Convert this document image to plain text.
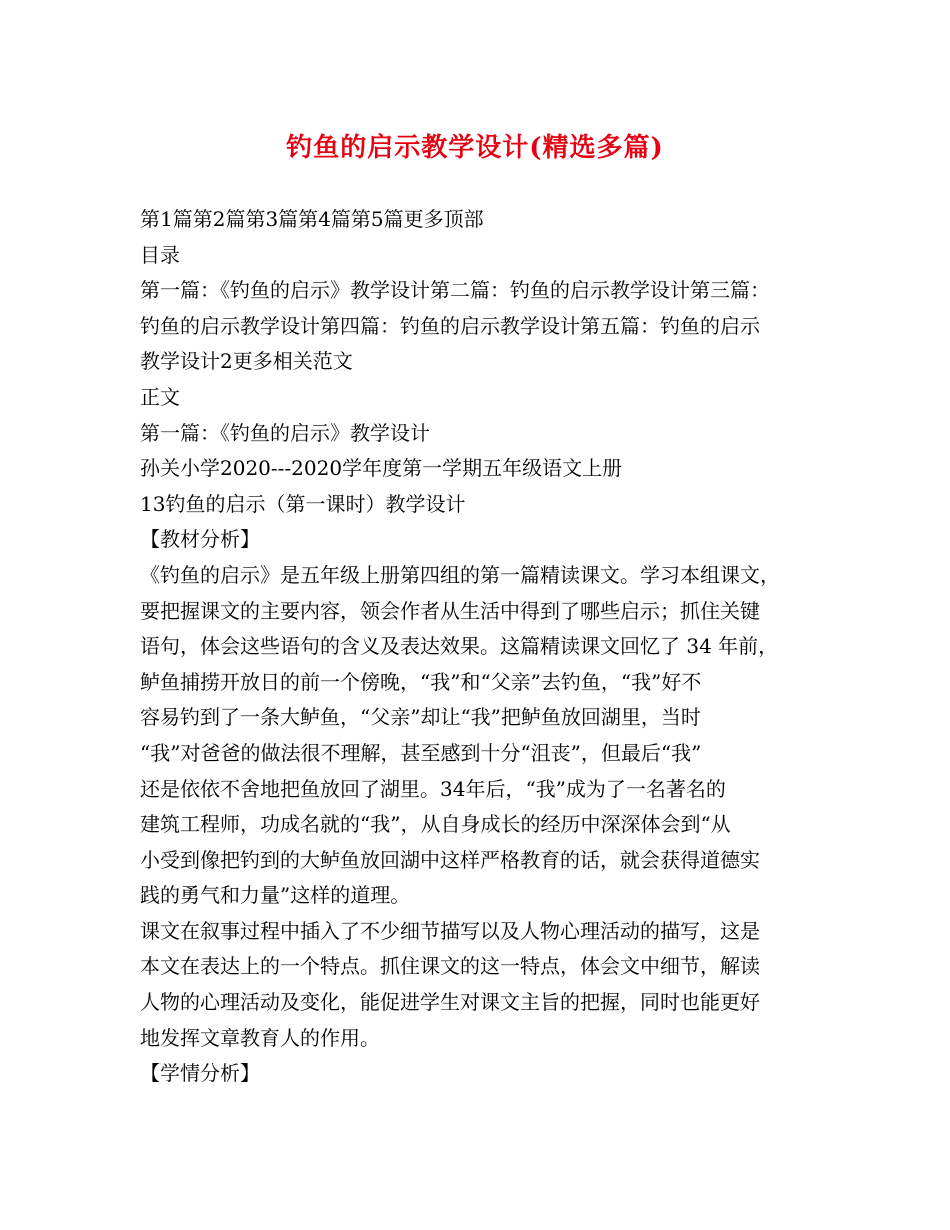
钓鱼的启示教学设计(精选多篇)
第1篇第2篇第3篇第4篇第5篇更多顶部
目录
第一篇：《钓鱼的启示》教学设计第二篇：钓鱼的启示教学设计第三篇：
钓鱼的启示教学设计第四篇：钓鱼的启示教学设计第五篇：钓鱼的启示
教学设计2更多相关范文
正文
第一篇：《钓鱼的启示》教学设计
孙关小学2020---2020学年度第一学期五年级语文上册
13钓鱼的启示（第一课时）教学设计
【教材分析】
《钓鱼的启示》是五年级上册第四组的第一篇精读课文。学习本组课文，
要把握课文的主要内容，领会作者从生活中得到了哪些启示；抓住关键
语句，体会这些语句的含义及表达效果。这篇精读课文回忆了 34 年前，
鲈鱼捕捞开放日的前一个傍晚，“我”和“父亲”去钓鱼，“我”好不
容易钓到了一条大鲈鱼，“父亲”却让“我”把鲈鱼放回湖里，当时
“我”对爸爸的做法很不理解，甚至感到十分“沮丧”，但最后“我”
还是依依不舍地把鱼放回了湖里。34年后，“我”成为了一名著名的
建筑工程师，功成名就的“我”，从自身成长的经历中深深体会到“从
小受到像把钓到的大鲈鱼放回湖中这样严格教育的话，就会获得道德实
践的勇气和力量”这样的道理。
课文在叙事过程中插入了不少细节描写以及人物心理活动的描写，这是
本文在表达上的一个特点。抓住课文的这一特点，体会文中细节，解读
人物的心理活动及变化，能促进学生对课文主旨的把握，同时也能更好
地发挥文章教育人的作用。
【学情分析】
